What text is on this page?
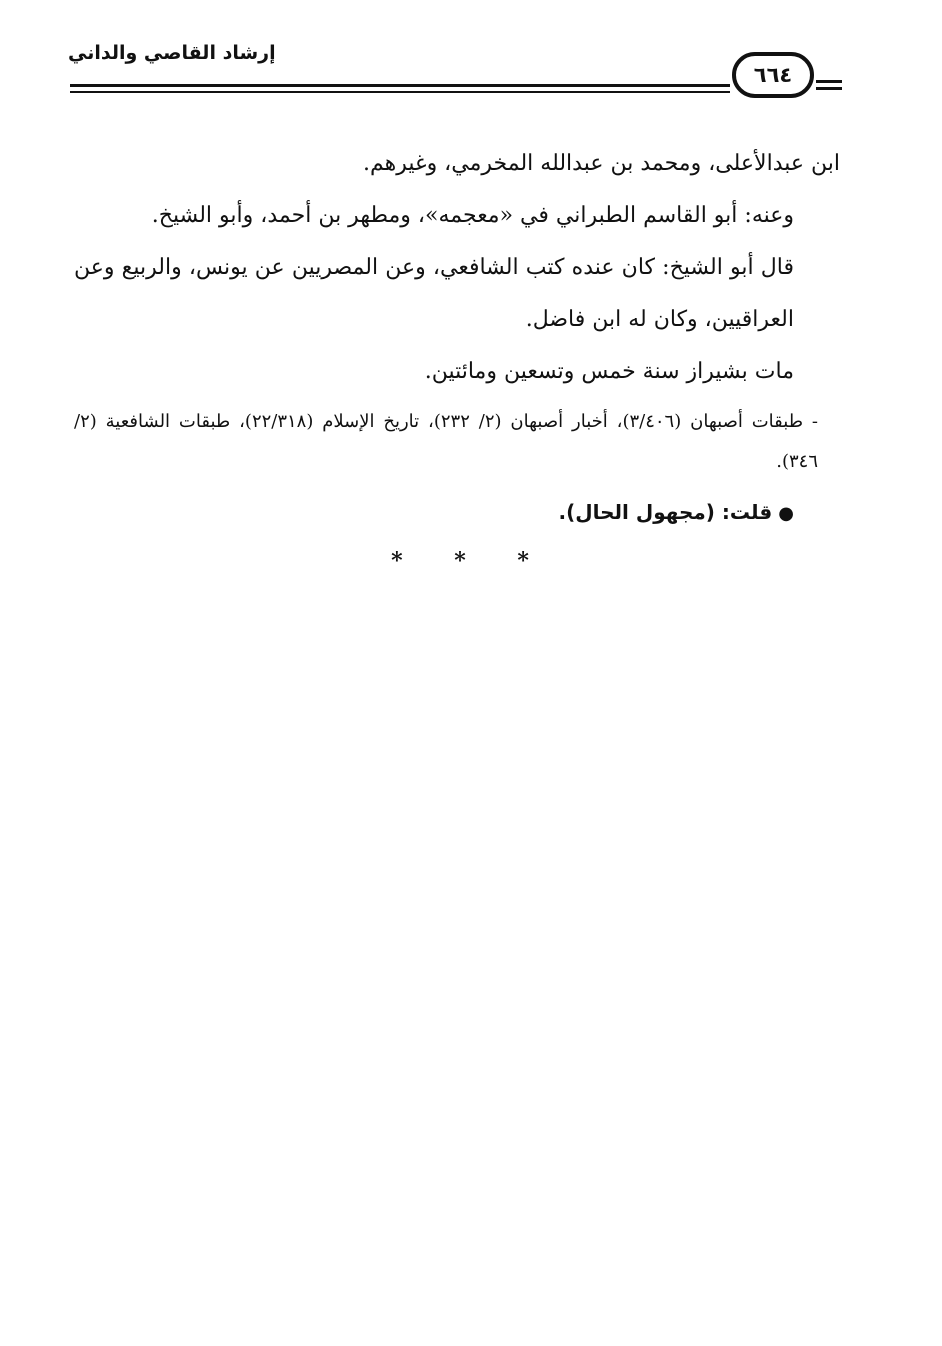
إرشاد القاصي والداني
٦٦٤

ابن عبدالأعلى، ومحمد بن عبدالله المخرمي، وغيرهم.

وعنه: أبو القاسم الطبراني في «معجمه»، ومطهر بن أحمد، وأبو الشيخ.

قال أبو الشيخ: كان عنده كتب الشافعي، وعن المصريين عن يونس، والربيع وعن العراقيين، وكان له ابن فاضل.

مات بشيراز سنة خمس وتسعين ومائتين.

- طبقات أصبهان (٣/٤٠٦)، أخبار أصبهان (٢/ ٢٣٢)، تاريخ الإسلام (٢٢/٣١٨)، طبقات الشافعية (٢/ ٣٤٦).

●قلت: (مجهول الحال).

* * *
